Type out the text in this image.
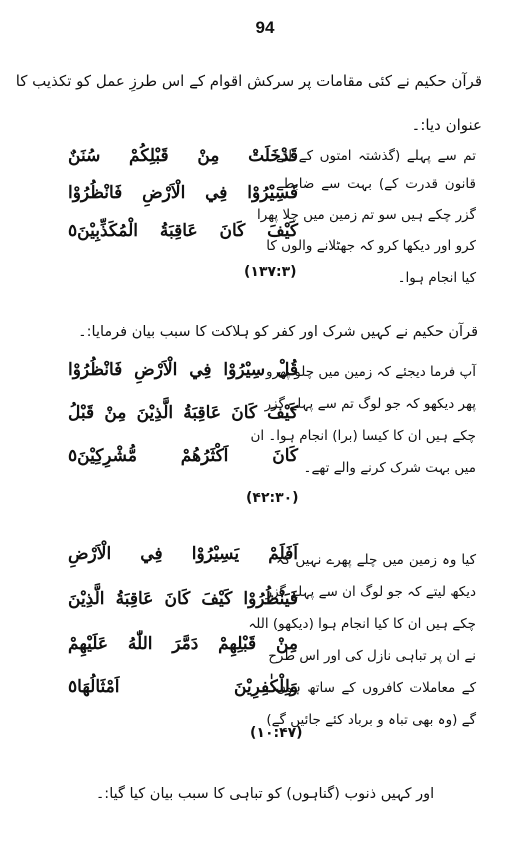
94
قرآن حکیم نے کئی مقامات پر سرکش اقوام کے اس طرزِ عمل کو تکذیب کا
عنوان دیا:۔
قَدْخَلَتْ مِنْ قَبْلِكُمْ سُنَنٌ
فَسِيْرُوْا فِي الْاَرْضِ فَانْظُرُوْا
كَيْفَ كَانَ عَاقِبَةُ الْمُكَذِّبِيْنَ٥
(۱۳۷:۳)
تم سے پہلے (گذشتہ امتوں کے لئے
قانون قدرت کے) بہت سے ضابطے
گزر چکے ہیں سو تم زمین میں چلا پھرا
کرو اور دیکھا کرو کہ جھٹلانے والوں کا
کیا انجام ہوا۔
قرآن حکیم نے کہیں شرک اور کفر کو ہلاکت کا سبب بیان فرمایا:۔
قُلْ سِيْرُوْا فِي الْاَرْضِ فَانْظُرُوْا
كَيْفَ كَانَ عَاقِبَةُ الَّذِيْنَ مِنْ قَبْلُ
كَانَ اَكْثَرُهُمْ مُّشْرِكِيْنَ٥
(۴۲:۳۰)
آپ فرما دیجئے کہ زمین میں چلو پھرو
پھر دیکھو کہ جو لوگ تم سے پہلے گزر
چکے ہیں ان کا کیسا (برا) انجام ہوا۔ ان
میں بہت شرک کرنے والے تھے۔
اَفَلَمْ يَسِيْرُوْا فِي الْاَرْضِ
فَيَنْظُرُوْا كَيْفَ كَانَ عَاقِبَةُ الَّذِيْنَ
مِنْ قَبْلِهِمْ دَمَّرَ اللّٰهُ عَلَيْهِمْ
وَلِلْكٰفِرِيْنَ اَمْثَالُهَا٥
(۱۰:۴۷)
کیا وہ زمین میں چلے پھرے نہیں کہ
دیکھ لیتے کہ جو لوگ ان سے پہلے گزر
چکے ہیں ان کا کیا انجام ہوا (دیکھو) اللہ
نے ان پر تباہی نازل کی اور اس طرح
کے معاملات کافروں کے ساتھ ہوں
گے (وہ بھی تباہ و برباد کئے جائیں گے)
اور کہیں ذنوب (گناہوں) کو تباہی کا سبب بیان کیا گیا:۔
